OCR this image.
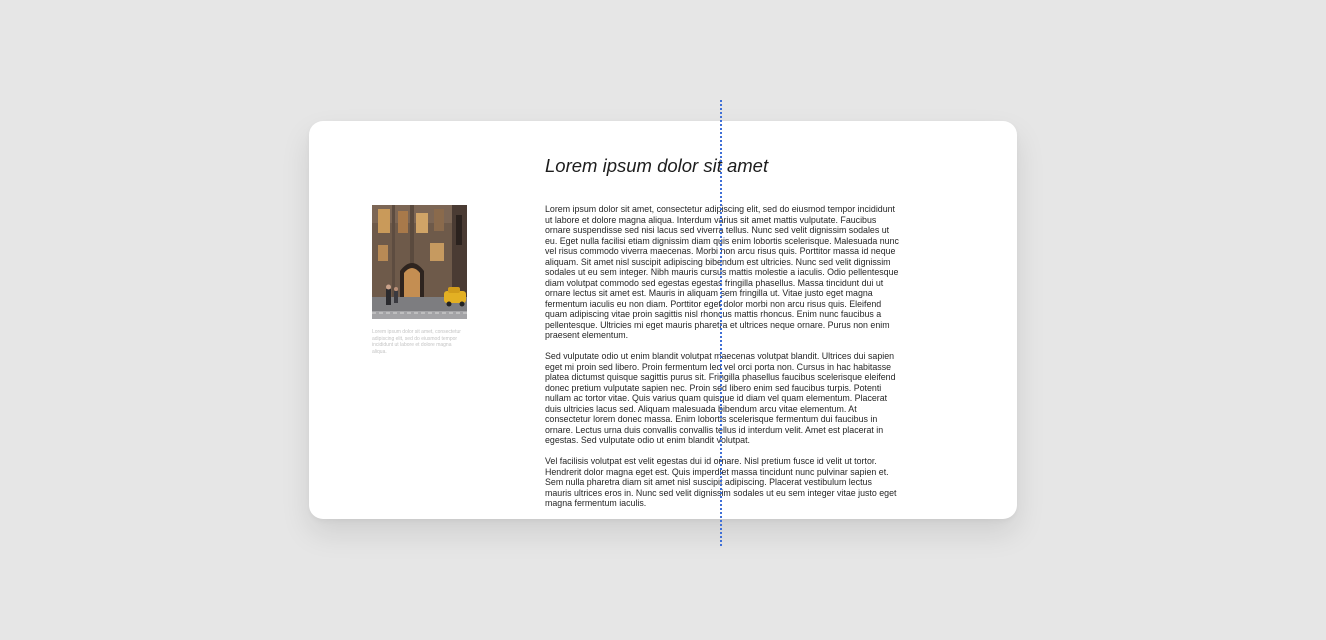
Lorem ipsum dolor sit amet, consectetur adipiscing elit, sed do eiusmod tempor incididunt ut labore et dolore magna aliqua.
Lorem ipsum dolor sit amet

Lorem ipsum dolor sit amet, consectetur adipiscing elit, sed do eiusmod tempor incididunt ut labore et dolore magna aliqua. Interdum varius sit amet mattis vulputate. Faucibus ornare suspendisse sed nisi lacus sed viverra tellus. Nunc sed velit dignissim sodales ut eu. Eget nulla facilisi etiam dignissim diam quis enim lobortis scelerisque. Malesuada nunc vel risus commodo viverra maecenas. Morbi non arcu risus quis. Porttitor massa id neque aliquam. Sit amet nisl suscipit adipiscing bibendum est ultricies. Nunc sed velit dignissim sodales ut eu sem integer. Nibh mauris cursus mattis molestie a iaculis. Odio pellentesque diam volutpat commodo sed egestas egestas fringilla phasellus. Massa tincidunt dui ut ornare lectus sit amet est. Mauris in aliquam sem fringilla ut. Vitae justo eget magna fermentum iaculis eu non diam. Porttitor eget dolor morbi non arcu risus quis. Eleifend quam adipiscing vitae proin sagittis nisl rhoncus mattis rhoncus. Enim nunc faucibus a pellentesque. Ultricies mi eget mauris pharetra et ultrices neque ornare. Purus non enim praesent elementum.

Sed vulputate odio ut enim blandit volutpat maecenas volutpat blandit. Ultrices dui sapien eget mi proin sed libero. Proin fermentum leo vel orci porta non. Cursus in hac habitasse platea dictumst quisque sagittis purus sit. Fringilla phasellus faucibus scelerisque eleifend donec pretium vulputate sapien nec. Proin sed libero enim sed faucibus turpis. Potenti nullam ac tortor vitae. Quis varius quam quisque id diam vel quam elementum. Placerat duis ultricies lacus sed. Aliquam malesuada bibendum arcu vitae elementum. At consectetur lorem donec massa. Enim lobortis scelerisque fermentum dui faucibus in ornare. Lectus urna duis convallis convallis tellus id interdum velit. Amet est placerat in egestas. Sed vulputate odio ut enim blandit volutpat.

Vel facilisis volutpat est velit egestas dui id ornare. Nisl pretium fusce id velit ut tortor. Hendrerit dolor magna eget est. Quis imperdiet massa tincidunt nunc pulvinar sapien et. Sem nulla pharetra diam sit amet nisl suscipit adipiscing. Placerat vestibulum lectus mauris ultrices eros in. Nunc sed velit dignissim sodales ut eu sem integer vitae justo eget magna fermentum iaculis.
